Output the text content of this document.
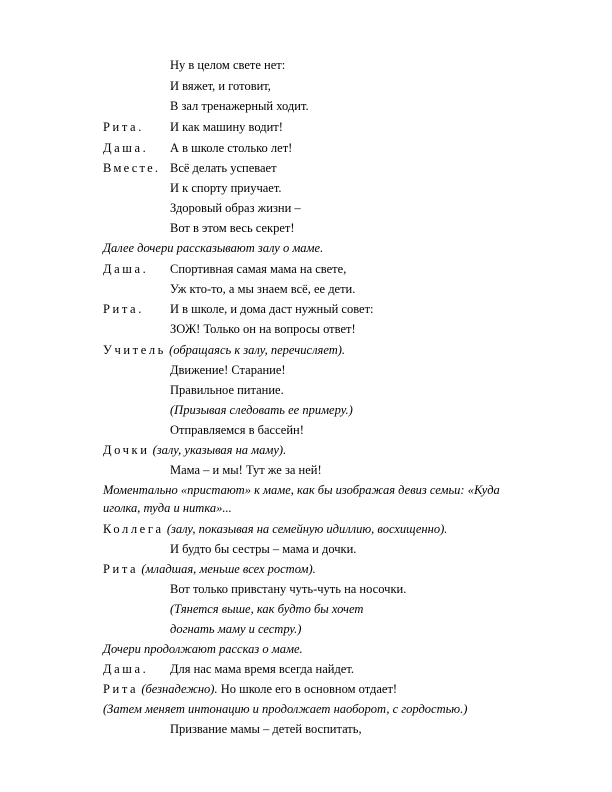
Ну в целом свете нет:
И вяжет, и готовит,
В зал тренажерный ходит.
Рита. И как машину водит!
Даша. А в школе столько лет!
Вместе. Всё делать успевает
И к спорту приучает.
Здоровый образ жизни –
Вот в этом весь секрет!
Далее дочери рассказывают залу о маме.
Даша. Спортивная самая мама на свете,
Уж кто-то, а мы знаем всё, ее дети.
Рита. И в школе, и дома даст нужный совет:
ЗОЖ! Только он на вопросы ответ!
Учитель (обращаясь к залу, перечисляет).
Движение! Старание!
Правильное питание.
(Призывая следовать ее примеру.)
Отправляемся в бассейн!
Дочки (залу, указывая на маму).
Мама – и мы! Тут же за ней!
Моментально «пристают» к маме, как бы изображая девиз семьи: «Куда
иголка, туда и нитка»...
Коллега (залу, показывая на семейную идиллию, восхищенно).
И будто бы сестры – мама и дочки.
Рита (младшая, меньше всех ростом).
Вот только привстану чуть-чуть на носочки.
(Тянется выше, как будто бы хочет
догнать маму и сестру.)
Дочери продолжают рассказ о маме.
Даша. Для нас мама время всегда найдет.
Рита (безнадежно). Но школе его в основном отдает!
(Затем меняет интонацию и продолжает наоборот, с гордостью.)
Призвание мамы – детей воспитать,
